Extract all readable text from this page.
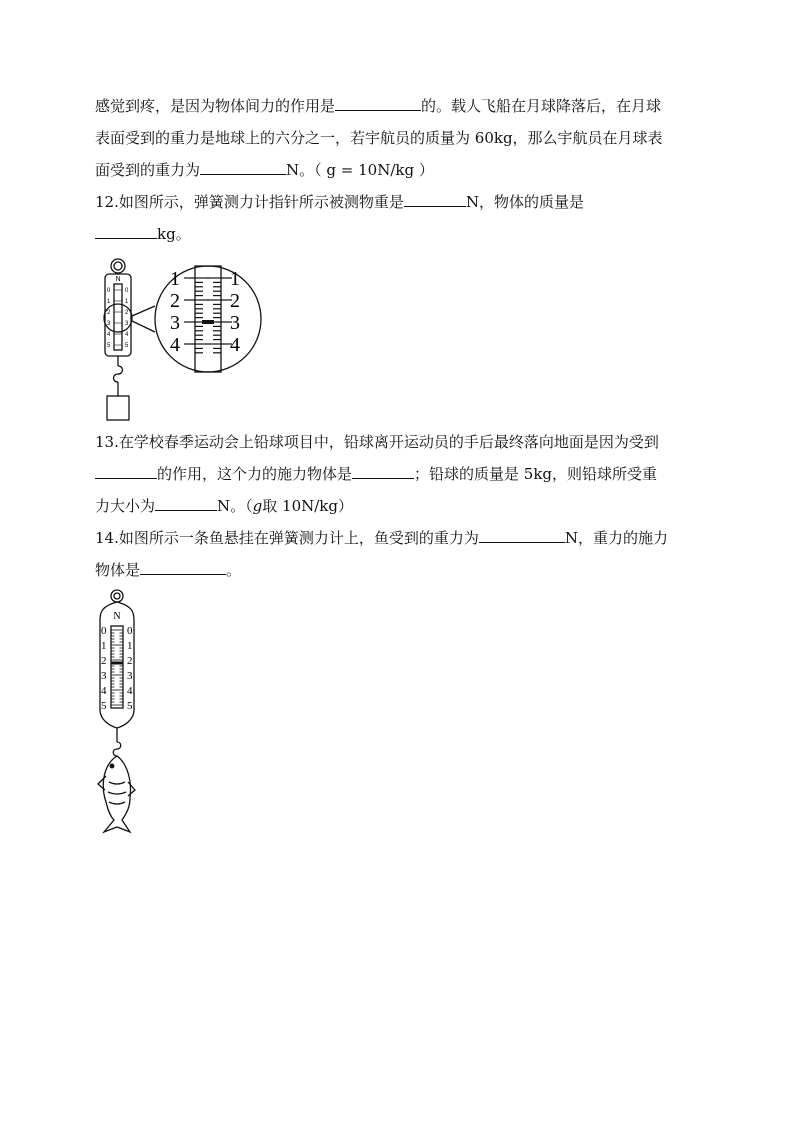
感觉到疼，是因为物体间力的作用是	的。载人飞船在月球降落后，在月球
表面受到的重力是地球上的六分之一，若宇航员的质量为 60kg，那么宇航员在月球表
面受到的重力为	N。（ g = 10N/kg ）
12.如图所示，弹簧测力计指针所示被测物重是	N，物体的质量是
kg。
N 1	1
2	2
3	3
4	4
0 0
1 1
2 2
3 3
4 4
5 5
13.在学校春季运动会上铅球项目中，铅球离开运动员的手后最终落向地面是因为受到
的作用，这个力的施力物体是	；铅球的质量是 5kg，则铅球所受重
力大小为	N。（g取 10N/kg）
14.如图所示一条鱼悬挂在弹簧测力计上，鱼受到的重力为	N，重力的施力
物体是	。
N
0 0
1 1
2 2
3 3
4 4
5 5
